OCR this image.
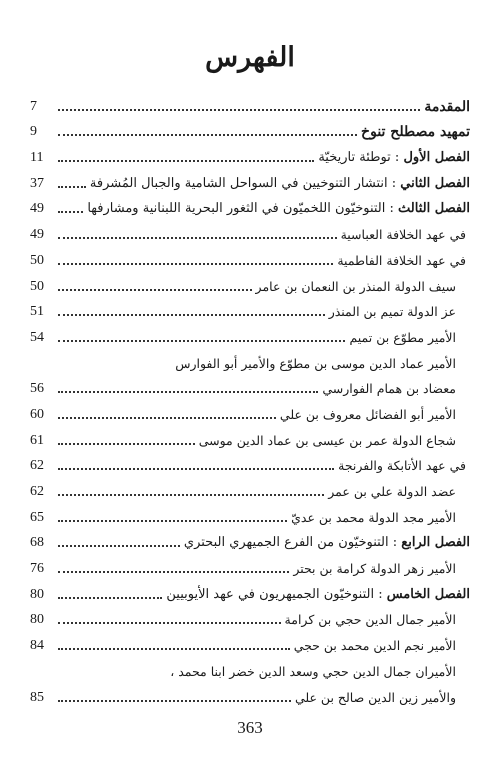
الفهرس
المقدمة
7
تمهيد مصطلح تنوخ
9
الفصل الأول : توطئة تاريخيّة
11
الفصل الثاني : انتشار التنوخيين في السواحل الشامية والجبال المُشرفة
37
الفصل الثالث : التنوخيّون اللخميّون في الثغور البحرية اللبنانية ومشارفها
49
في عهد الخلافة العباسية
49
في عهد الخلافة الفاطمية
50
سيف الدولة المنذر بن النعمان بن عامر
50
عز الدولة تميم بن المنذر
51
الأمير مطوّع بن تميم
54
الأمير عماد الدين موسى بن مطوّع والأمير أبو الفوارس
معضاد بن همام الفوارسي
56
الأمير أبو الفضائل معروف بن علي
60
شجاع الدولة عمر بن عيسى بن عماد الدين موسى
61
في عهد الأتابكة والفرنجة
62
عضد الدولة علي بن عمر
62
الأمير مجد الدولة محمد بن عديّ
65
الفصل الرابع : التنوخيّون من الفرع الجميهري البحتري
68
الأمير زهر الدولة كرامة بن بحتر
76
الفصل الخامس : التنوخيّون الجميهريون في عهد الأيوبيين
80
الأمير جمال الدين حجي بن كرامة
80
الأمير نجم الدين محمد بن حجي
84
الأميران جمال الدين حجي وسعد الدين خضر ابنا محمد ،
والأمير زين الدين صالح بن علي
85
363
